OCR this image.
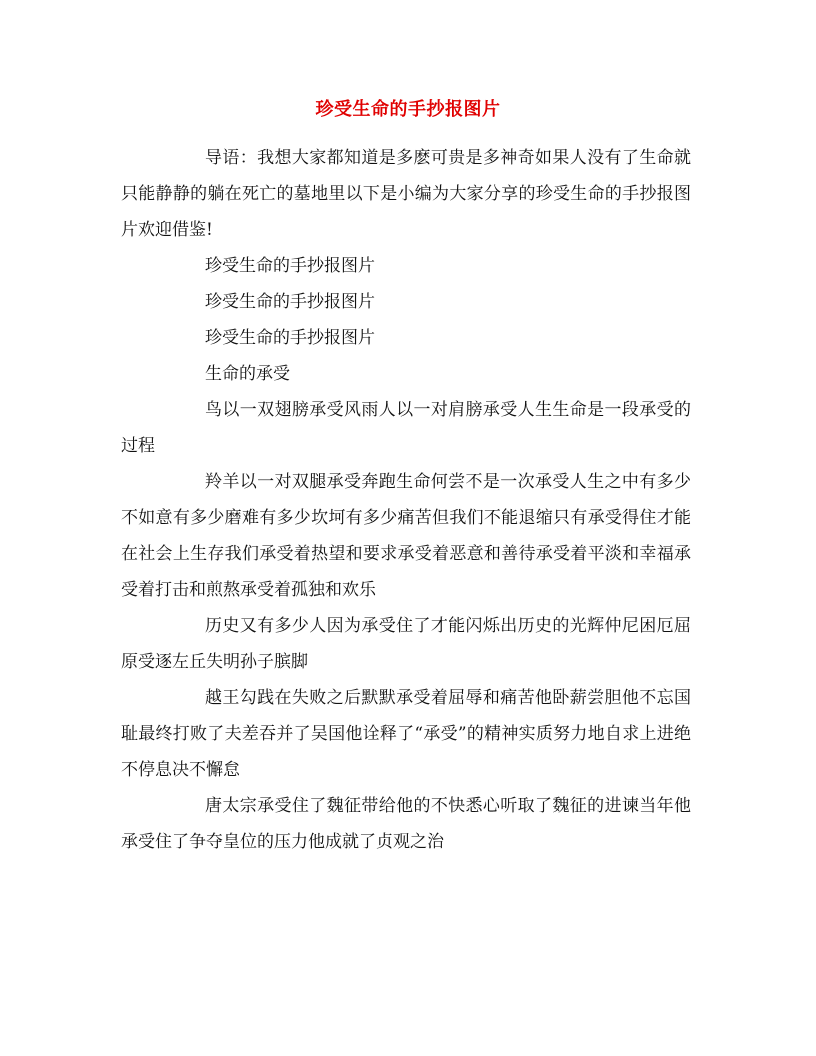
珍受生命的手抄报图片

导语：我想大家都知道是多麽可贵是多神奇如果人没有了生命就只能静静的躺在死亡的墓地里以下是小编为大家分享的珍受生命的手抄报图片欢迎借鉴!

珍受生命的手抄报图片

珍受生命的手抄报图片

珍受生命的手抄报图片

生命的承受

鸟以一双翅膀承受风雨人以一对肩膀承受人生生命是一段承受的过程

羚羊以一对双腿承受奔跑生命何尝不是一次承受人生之中有多少不如意有多少磨难有多少坎坷有多少痛苦但我们不能退缩只有承受得住才能在社会上生存我们承受着热望和要求承受着恶意和善待承受着平淡和幸福承受着打击和煎熬承受着孤独和欢乐

历史又有多少人因为承受住了才能闪烁出历史的光辉仲尼困厄屈原受逐左丘失明孙子膑脚

越王勾践在失败之后默默承受着屈辱和痛苦他卧薪尝胆他不忘国耻最终打败了夫差吞并了吴国他诠释了“承受”的精神实质努力地自求上进绝不停息决不懈怠

唐太宗承受住了魏征带给他的不快悉心听取了魏征的进谏当年他承受住了争夺皇位的压力他成就了贞观之治
